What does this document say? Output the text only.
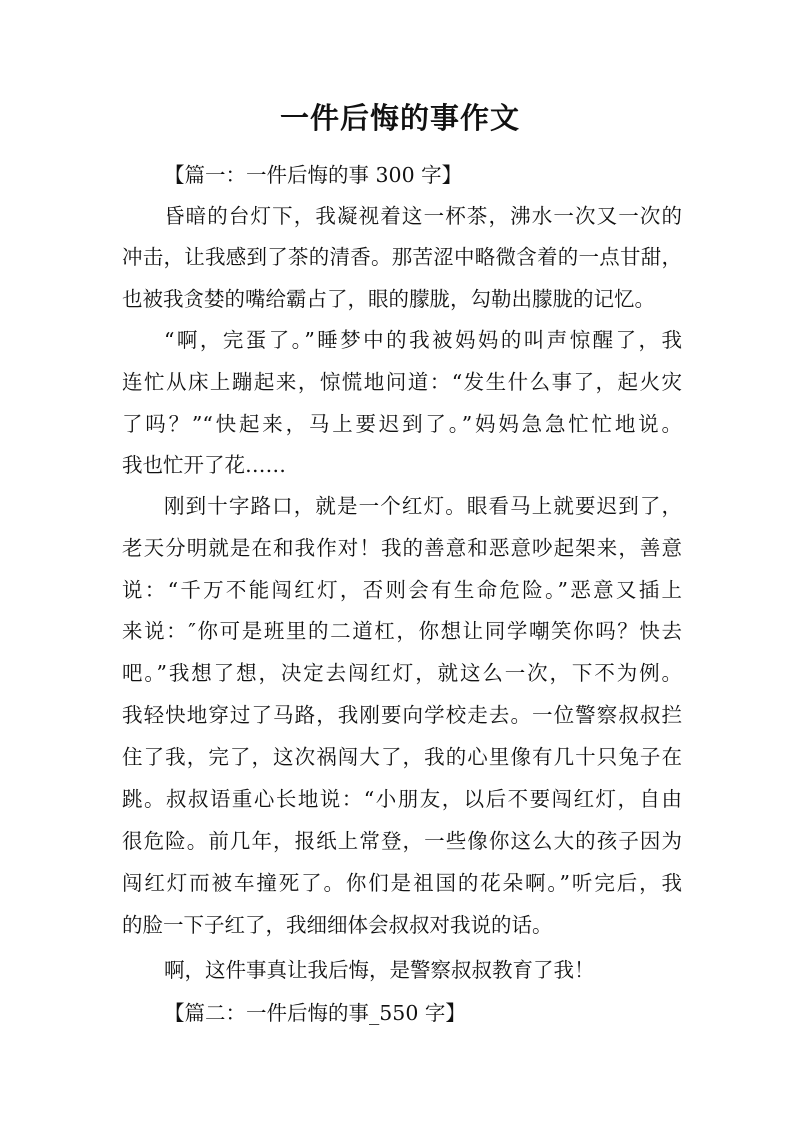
一件后悔的事作文
【篇一：一件后悔的事 300 字】
昏暗的台灯下，我凝视着这一杯茶，沸水一次又一次的
冲击，让我感到了茶的清香。那苦涩中略微含着的一点甘甜，
也被我贪婪的嘴给霸占了，眼的朦胧，勾勒出朦胧的记忆。
“啊，完蛋了。”睡梦中的我被妈妈的叫声惊醒了，我
连忙从床上蹦起来，惊慌地问道：“发生什么事了，起火灾
了吗？”“快起来，马上要迟到了。”妈妈急急忙忙地说。
我也忙开了花……
刚到十字路口，就是一个红灯。眼看马上就要迟到了，
老天分明就是在和我作对！我的善意和恶意吵起架来，善意
说：“千万不能闯红灯，否则会有生命危险。”恶意又插上
来说：″你可是班里的二道杠，你想让同学嘲笑你吗？快去
吧。”我想了想，决定去闯红灯，就这么一次，下不为例。
我轻快地穿过了马路，我刚要向学校走去。一位警察叔叔拦
住了我，完了，这次祸闯大了，我的心里像有几十只兔子在
跳。叔叔语重心长地说：“小朋友，以后不要闯红灯，自由
很危险。前几年，报纸上常登，一些像你这么大的孩子因为
闯红灯而被车撞死了。你们是祖国的花朵啊。”听完后，我
的脸一下子红了，我细细体会叔叔对我说的话。
啊，这件事真让我后悔，是警察叔叔教育了我！
【篇二：一件后悔的事_550 字】
